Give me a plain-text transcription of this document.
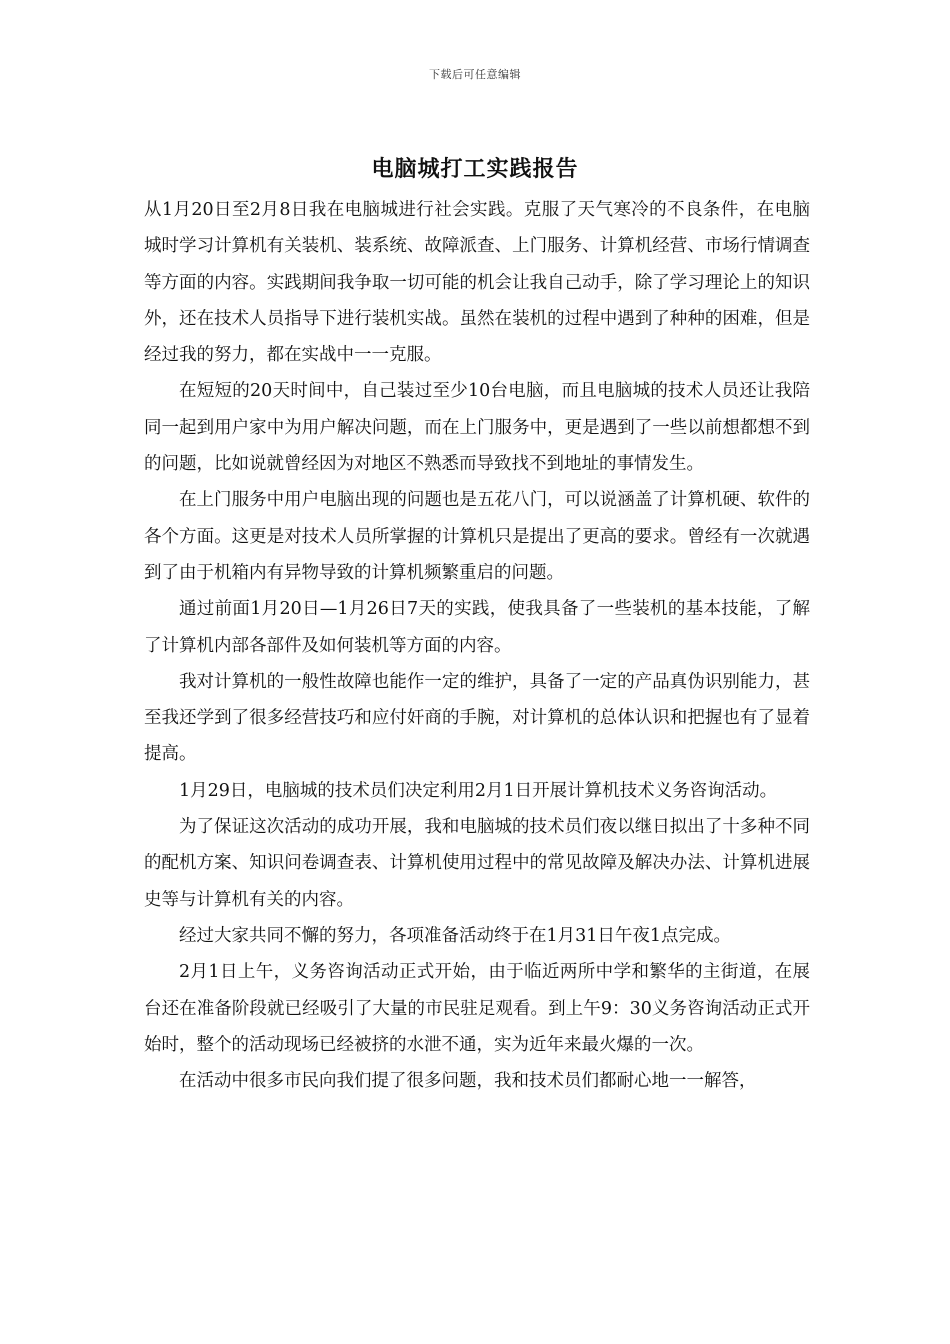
下载后可任意编辑
电脑城打工实践报告

从1月20日至2月8日我在电脑城进行社会实践。克服了天气寒冷的不良条件，在电脑城时学习计算机有关装机、装系统、故障派查、上门服务、计算机经营、市场行情调查等方面的内容。实践期间我争取一切可能的机会让我自己动手，除了学习理论上的知识外，还在技术人员指导下进行装机实战。虽然在装机的过程中遇到了种种的困难，但是经过我的努力，都在实战中一一克服。

在短短的20天时间中，自己装过至少10台电脑，而且电脑城的技术人员还让我陪同一起到用户家中为用户解决问题，而在上门服务中，更是遇到了一些以前想都想不到的问题，比如说就曾经因为对地区不熟悉而导致找不到地址的事情发生。

在上门服务中用户电脑出现的问题也是五花八门，可以说涵盖了计算机硬、软件的各个方面。这更是对技术人员所掌握的计算机只是提出了更高的要求。曾经有一次就遇到了由于机箱内有异物导致的计算机频繁重启的问题。

通过前面1月20日—1月26日7天的实践，使我具备了一些装机的基本技能，了解了计算机内部各部件及如何装机等方面的内容。

我对计算机的一般性故障也能作一定的维护，具备了一定的产品真伪识别能力，甚至我还学到了很多经营技巧和应付奸商的手腕，对计算机的总体认识和把握也有了显着提高。

1月29日，电脑城的技术员们决定利用2月1日开展计算机技术义务咨询活动。

为了保证这次活动的成功开展，我和电脑城的技术员们夜以继日拟出了十多种不同的配机方案、知识问卷调查表、计算机使用过程中的常见故障及解决办法、计算机进展史等与计算机有关的内容。

经过大家共同不懈的努力，各项准备活动终于在1月31日午夜1点完成。

2月1日上午，义务咨询活动正式开始，由于临近两所中学和繁华的主街道，在展台还在准备阶段就已经吸引了大量的市民驻足观看。到上午9：30义务咨询活动正式开始时，整个的活动现场已经被挤的水泄不通，实为近年来最火爆的一次。

在活动中很多市民向我们提了很多问题，我和技术员们都耐心地一一解答，
